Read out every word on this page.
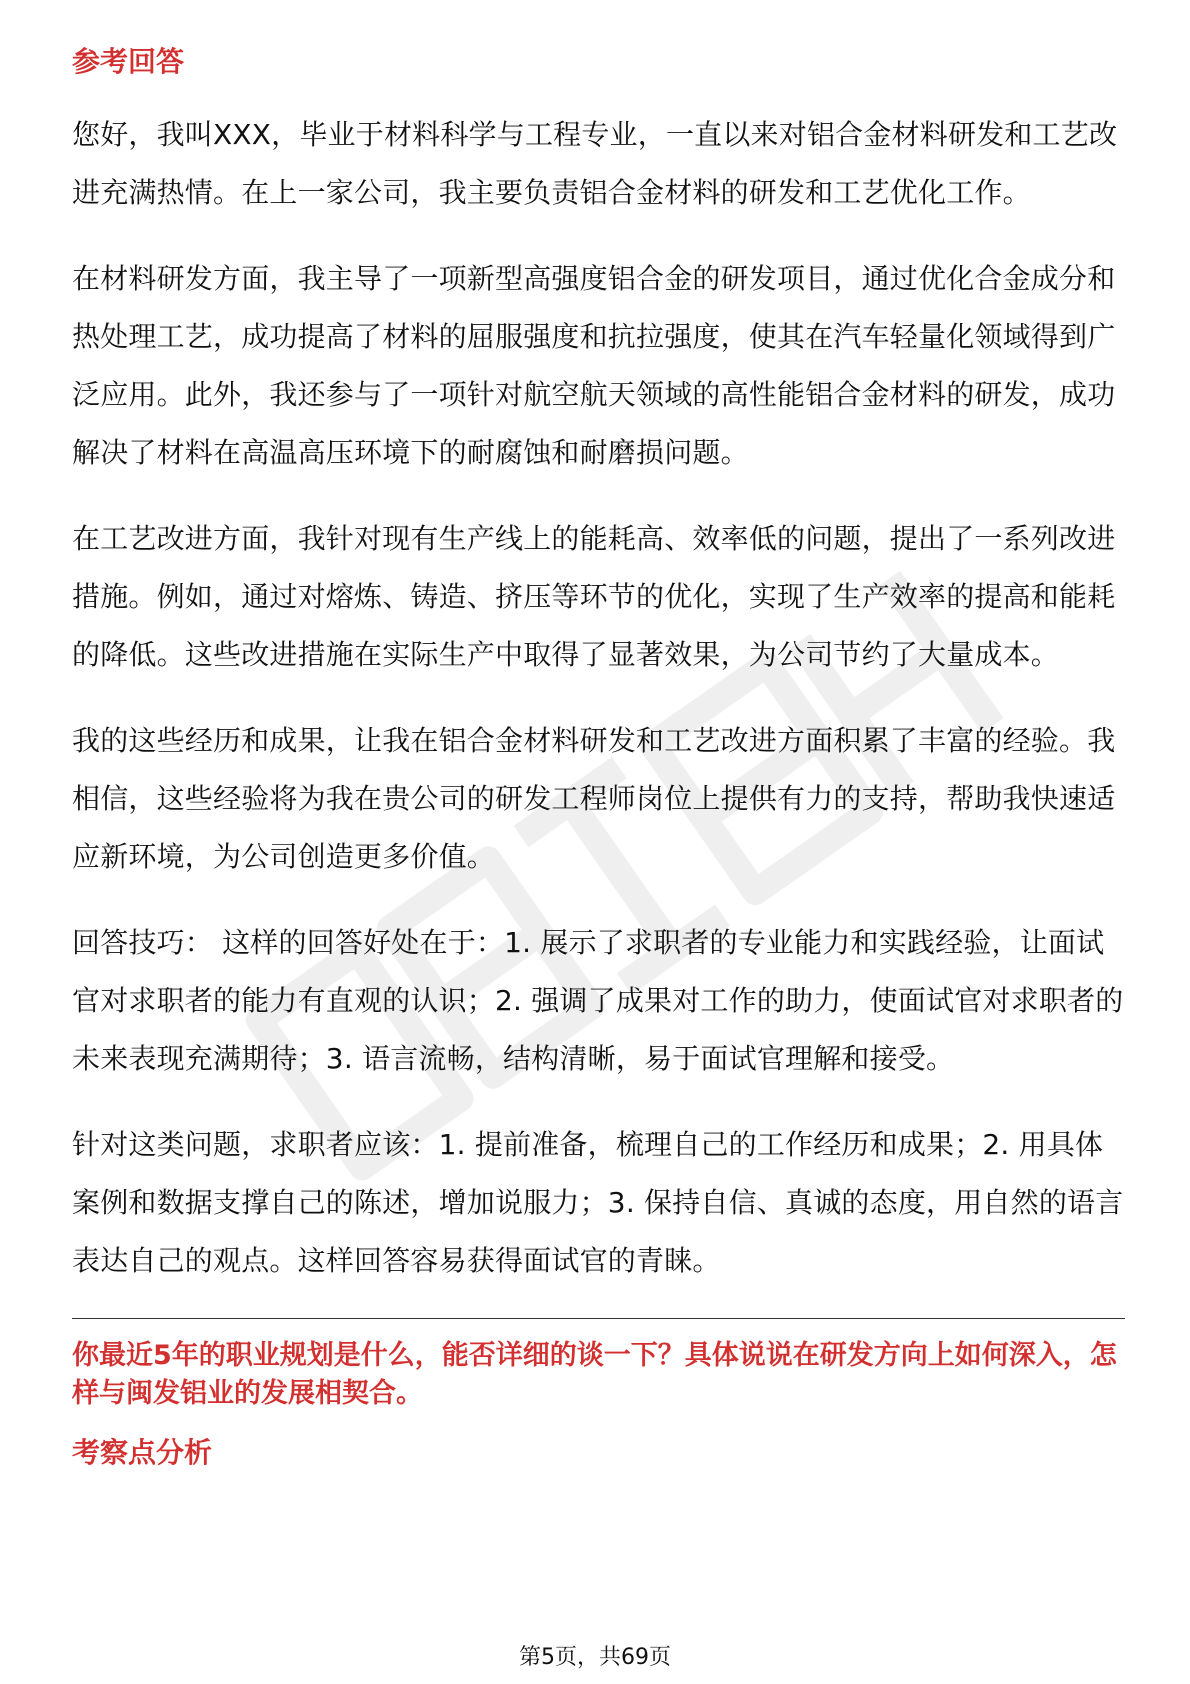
参考回答

您好，我叫XXX，毕业于材料科学与工程专业，一直以来对铝合金材料研发和工艺改进充满热情。在上一家公司，我主要负责铝合金材料的研发和工艺优化工作。

在材料研发方面，我主导了一项新型高强度铝合金的研发项目，通过优化合金成分和热处理工艺，成功提高了材料的屈服强度和抗拉强度，使其在汽车轻量化领域得到广泛应用。此外，我还参与了一项针对航空航天领域的高性能铝合金材料的研发，成功解决了材料在高温高压环境下的耐腐蚀和耐磨损问题。

在工艺改进方面，我针对现有生产线上的能耗高、效率低的问题，提出了一系列改进措施。例如，通过对熔炼、铸造、挤压等环节的优化，实现了生产效率的提高和能耗的降低。这些改进措施在实际生产中取得了显著效果，为公司节约了大量成本。

我的这些经历和成果，让我在铝合金材料研发和工艺改进方面积累了丰富的经验。我相信，这些经验将为我在贵公司的研发工程师岗位上提供有力的支持，帮助我快速适应新环境，为公司创造更多价值。

回答技巧： 这样的回答好处在于：1. 展示了求职者的专业能力和实践经验，让面试官对求职者的能力有直观的认识；2. 强调了成果对工作的助力，使面试官对求职者的未来表现充满期待；3. 语言流畅，结构清晰，易于面试官理解和接受。

针对这类问题，求职者应该：1. 提前准备，梳理自己的工作经历和成果；2. 用具体案例和数据支撑自己的陈述，增加说服力；3. 保持自信、真诚的态度，用自然的语言表达自己的观点。这样回答容易获得面试官的青睐。

你最近5年的职业规划是什么，能否详细的谈一下？具体说说在研发方向上如何深入，怎样与闽发铝业的发展相契合。

考察点分析
第5页，共69页
